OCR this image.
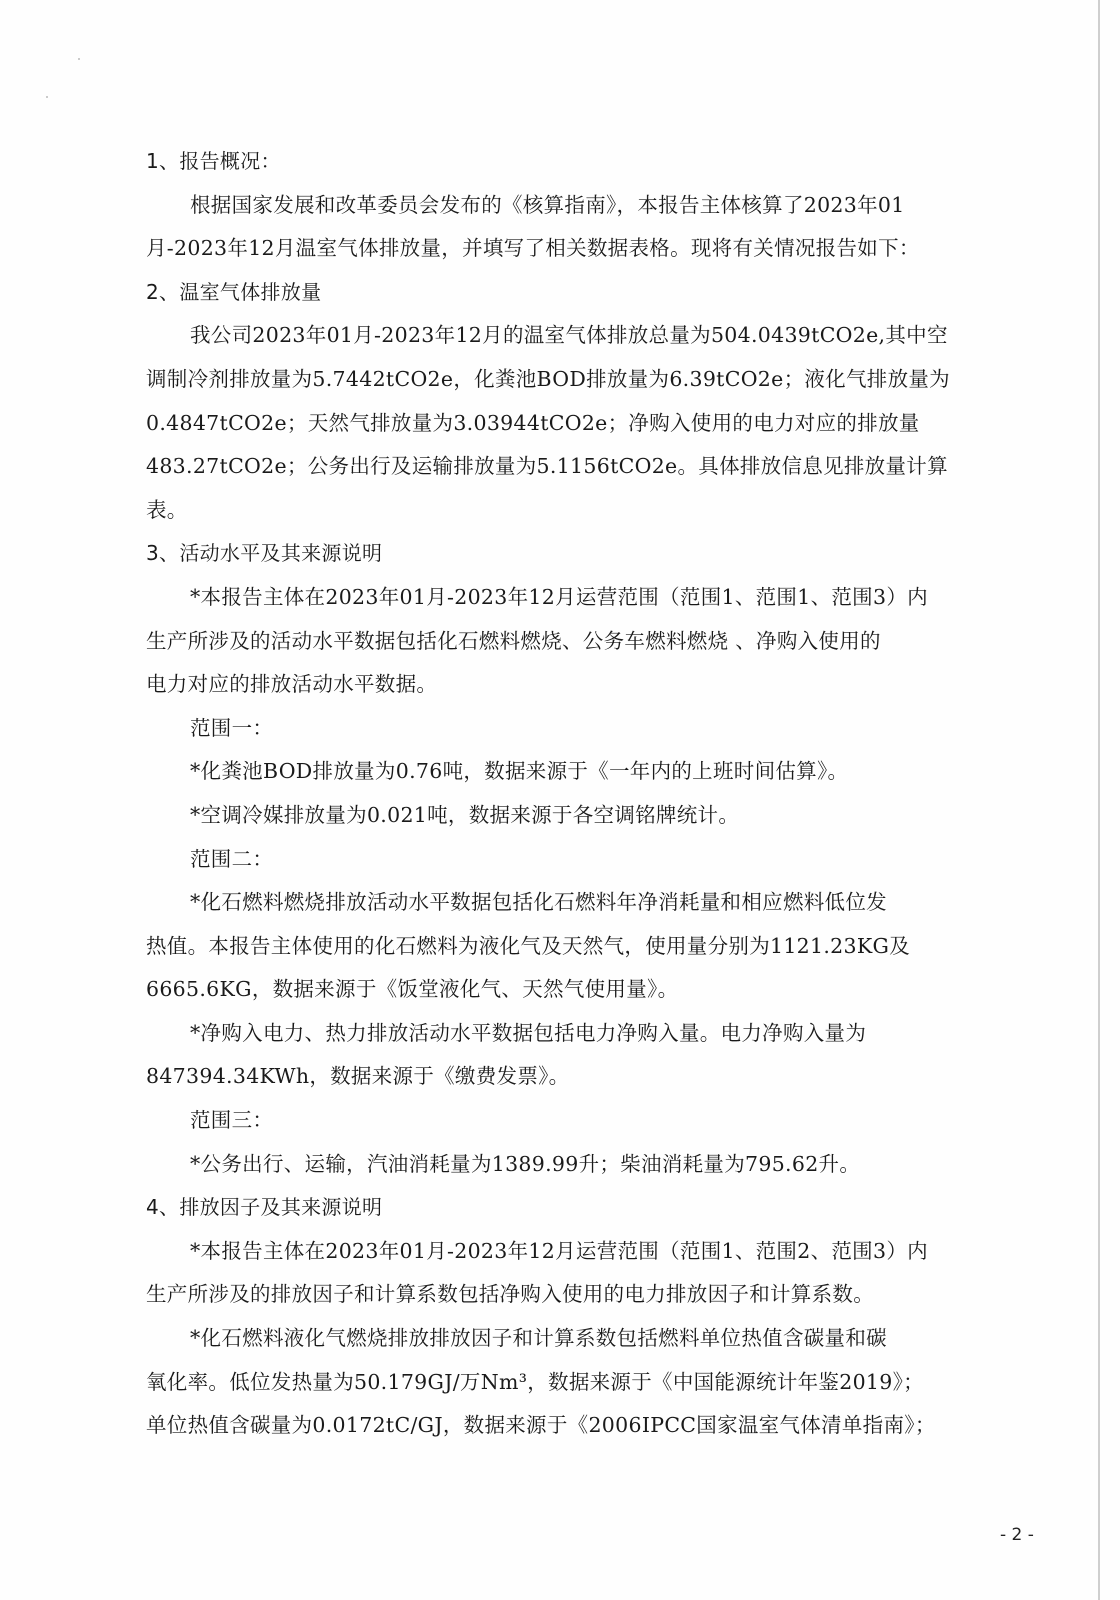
1、报告概况：
根据国家发展和改革委员会发布的《核算指南》，本报告主体核算了2023年01
月-2023年12月温室气体排放量，并填写了相关数据表格。现将有关情况报告如下：
2、温室气体排放量
我公司2023年01月-2023年12月的温室气体排放总量为504.0439tCO2e,其中空
调制冷剂排放量为5.7442tCO2e，化粪池BOD排放量为6.39tCO2e；液化气排放量为
0.4847tCO2e；天然气排放量为3.03944tCO2e；净购入使用的电力对应的排放量
483.27tCO2e；公务出行及运输排放量为5.1156tCO2e。具体排放信息见排放量计算
表。
3、活动水平及其来源说明
*本报告主体在2023年01月-2023年12月运营范围（范围1、范围1、范围3）内
生产所涉及的活动水平数据包括化石燃料燃烧、公务车燃料燃烧 、净购入使用的
电力对应的排放活动水平数据。
范围一：
*化粪池BOD排放量为0.76吨，数据来源于《一年内的上班时间估算》。
*空调冷媒排放量为0.021吨，数据来源于各空调铭牌统计。
范围二：
*化石燃料燃烧排放活动水平数据包括化石燃料年净消耗量和相应燃料低位发
热值。本报告主体使用的化石燃料为液化气及天然气，使用量分别为1121.23KG及
6665.6KG，数据来源于《饭堂液化气、天然气使用量》。
*净购入电力、热力排放活动水平数据包括电力净购入量。电力净购入量为
847394.34KWh，数据来源于《缴费发票》。
范围三：
*公务出行、运输，汽油消耗量为1389.99升；柴油消耗量为795.62升。
4、排放因子及其来源说明
*本报告主体在2023年01月-2023年12月运营范围（范围1、范围2、范围3）内
生产所涉及的排放因子和计算系数包括净购入使用的电力排放因子和计算系数。
*化石燃料液化气燃烧排放排放因子和计算系数包括燃料单位热值含碳量和碳
氧化率。低位发热量为50.179GJ/万Nm³，数据来源于《中国能源统计年鉴2019》；
单位热值含碳量为0.0172tC/GJ，数据来源于《2006IPCC国家温室气体清单指南》；
- 2 -
